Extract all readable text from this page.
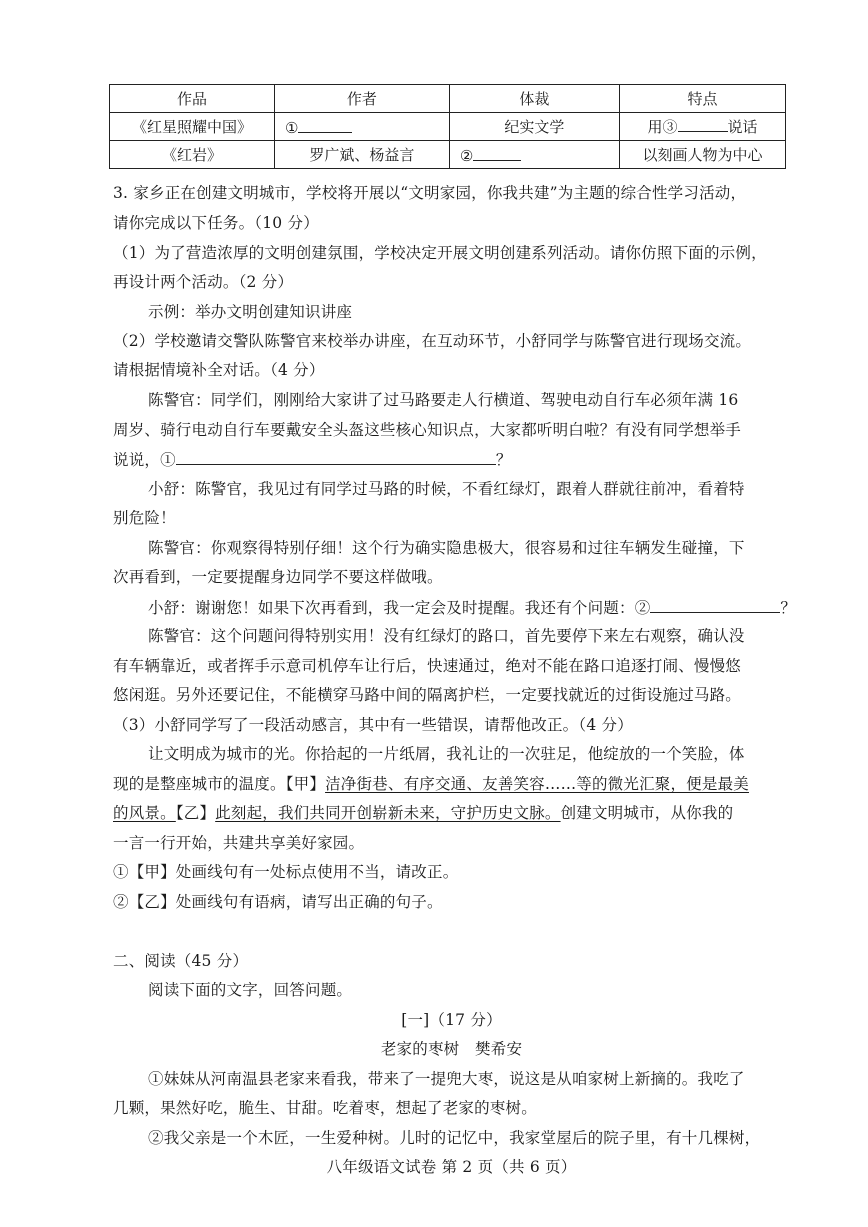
作品	作者	体裁	特点
《红星照耀中国》	①	纪实文学	用③ 说话
《红岩》	罗广斌、杨益言	②	以刻画人物为中心
3. 家乡正在创建文明城市，学校将开展以“文明家园，你我共建”为主题的综合性学习活动，
请你完成以下任务。（10 分）
（1）为了营造浓厚的文明创建氛围，学校决定开展文明创建系列活动。请你仿照下面的示例，
再设计两个活动。（2 分）
示例：举办文明创建知识讲座
（2）学校邀请交警队陈警官来校举办讲座，在互动环节，小舒同学与陈警官进行现场交流。
请根据情境补全对话。（4 分）
陈警官：同学们，刚刚给大家讲了过马路要走人行横道、驾驶电动自行车必须年满 16
周岁、骑行电动自行车要戴安全头盔这些核心知识点，大家都听明白啦？有没有同学想举手
说说，①	？
小舒：陈警官，我见过有同学过马路的时候，不看红绿灯，跟着人群就往前冲，看着特
别危险！
陈警官：你观察得特别仔细！这个行为确实隐患极大，很容易和过往车辆发生碰撞，下
次再看到，一定要提醒身边同学不要这样做哦。
小舒：谢谢您！如果下次再看到，我一定会及时提醒。我还有个问题：②	？
陈警官：这个问题问得特别实用！没有红绿灯的路口，首先要停下来左右观察，确认没
有车辆靠近，或者挥手示意司机停车让行后，快速通过，绝对不能在路口追逐打闹、慢慢悠
悠闲逛。另外还要记住，不能横穿马路中间的隔离护栏，一定要找就近的过街设施过马路。
（3）小舒同学写了一段活动感言，其中有一些错误，请帮他改正。（4 分）
让文明成为城市的光。你拾起的一片纸屑，我礼让的一次驻足，他绽放的一个笑脸，体
现的是整座城市的温度。【甲】洁净街巷、有序交通、友善笑容……等的微光汇聚，便是最美
的风景。【乙】此刻起，我们共同开创崭新未来，守护历史文脉。创建文明城市，从你我的
一言一行开始，共建共享美好家园。
①【甲】处画线句有一处标点使用不当，请改正。
②【乙】处画线句有语病，请写出正确的句子。
二、阅读（45 分）
阅读下面的文字，回答问题。
[一]（17 分）
老家的枣树　樊希安
①妹妹从河南温县老家来看我，带来了一提兜大枣，说这是从咱家树上新摘的。我吃了
几颗，果然好吃，脆生、甘甜。吃着枣，想起了老家的枣树。
②我父亲是一个木匠，一生爱种树。儿时的记忆中，我家堂屋后的院子里，有十几棵树，
八年级语文试卷 第 2 页（共 6 页）
